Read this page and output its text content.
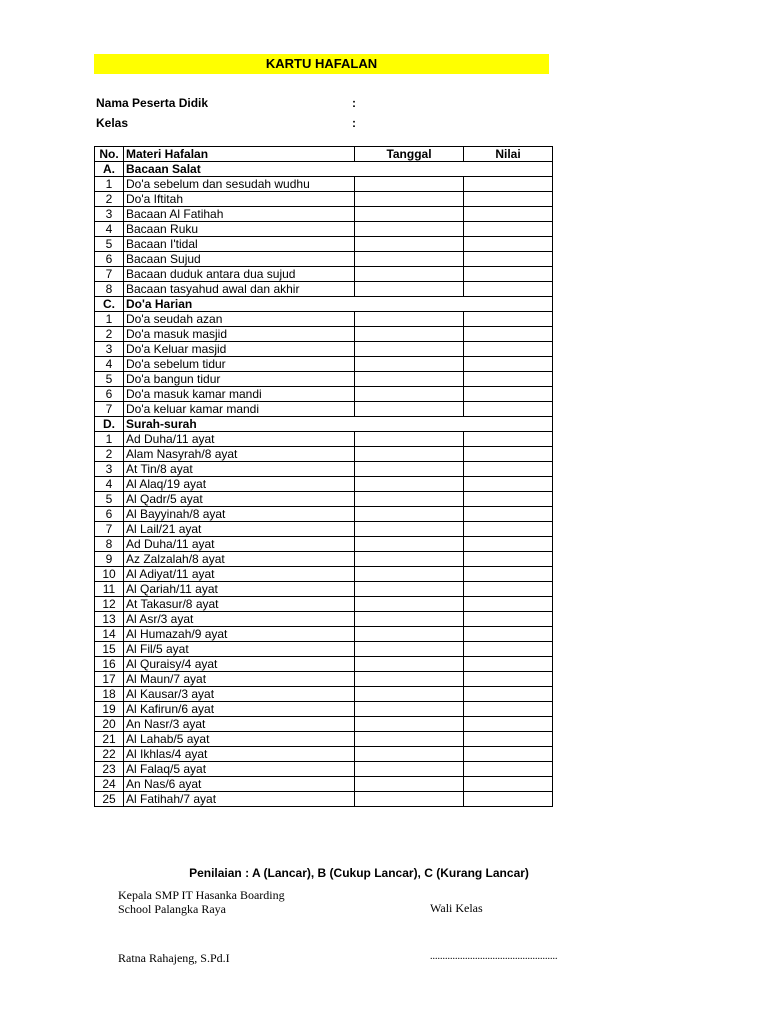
KARTU HAFALAN
Nama Peserta Didik	:
Kelas	:
No.	Materi Hafalan	Tanggal	Nilai
A.	Bacaan Salat		
1	Do'a sebelum dan sesudah wudhu		
2	Do'a Iftitah		
3	Bacaan Al Fatihah		
4	Bacaan Ruku		
5	Bacaan I'tidal		
6	Bacaan Sujud		
7	Bacaan duduk antara dua sujud		
8	Bacaan tasyahud awal dan akhir		
C.	Do'a Harian		
1	Do'a seudah azan		
2	Do'a masuk masjid		
3	Do'a Keluar masjid		
4	Do'a sebelum tidur		
5	Do'a bangun tidur		
6	Do'a masuk kamar mandi		
7	Do'a keluar kamar mandi		
D.	Surah-surah		
1	Ad Duha/11 ayat		
2	Alam Nasyrah/8 ayat		
3	At Tin/8 ayat		
4	Al Alaq/19 ayat		
5	Al Qadr/5 ayat		
6	Al Bayyinah/8 ayat		
7	Al Lail/21 ayat		
8	Ad Duha/11 ayat		
9	Az Zalzalah/8 ayat		
10	Al Adiyat/11 ayat		
11	Al Qariah/11 ayat		
12	At Takasur/8 ayat		
13	Al Asr/3 ayat		
14	Al Humazah/9 ayat		
15	Al Fil/5 ayat		
16	Al Quraisy/4 ayat		
17	Al Maun/7 ayat		
18	Al Kausar/3 ayat		
19	Al Kafirun/6 ayat		
20	An Nasr/3 ayat		
21	Al Lahab/5 ayat		
22	Al Ikhlas/4 ayat		
23	Al Falaq/5 ayat		
24	An Nas/6 ayat		
25	Al Fatihah/7 ayat		
Penilaian : A (Lancar), B (Cukup Lancar), C (Kurang Lancar)
Kepala SMP IT Hasanka Boarding
School Palangka Raya	Wali Kelas
Ratna Rahajeng, S.Pd.I	...................................................
